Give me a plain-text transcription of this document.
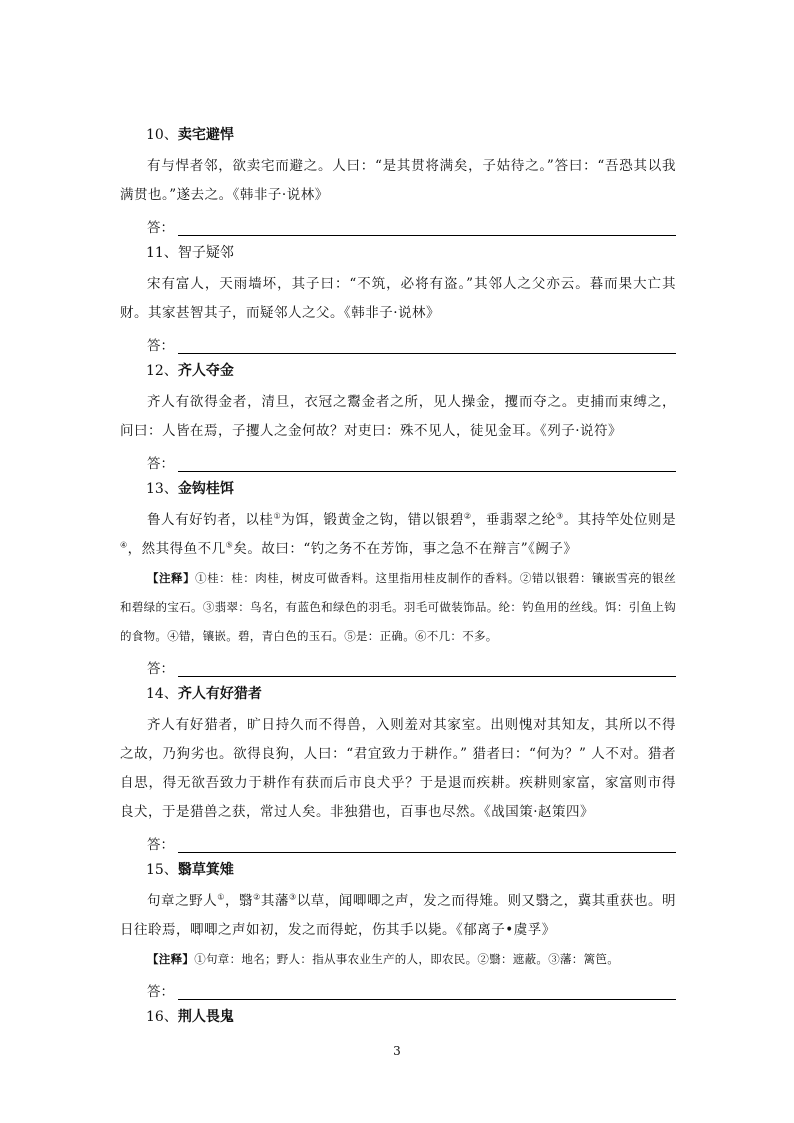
10、卖宅避悍

有与悍者邻，欲卖宅而避之。人曰：“是其贯将满矣，子姑待之。”答曰：“吾恐其以我满贯也。”遂去之。《韩非子·说林》

答：
11、智子疑邻

宋有富人，天雨墙坏，其子曰：“不筑，必将有盗。”其邻人之父亦云。暮而果大亡其财。其家甚智其子，而疑邻人之父。《韩非子·说林》

答：
12、齐人夺金

齐人有欲得金者，清旦，衣冠之鬻金者之所，见人操金，攫而夺之。吏捕而束缚之，问曰：人皆在焉，子攫人之金何故？对吏曰：殊不见人，徒见金耳。《列子·说符》

答：
13、金钩桂饵

鲁人有好钓者，以桂①为饵，锻黄金之钩，错以银碧②，垂翡翠之纶③。其持竿处位则是④，然其得鱼不几⑤矣。故曰：“钓之务不在芳饰，事之急不在辩言”《阙子》

【注释】①桂：桂：肉桂，树皮可做香料。这里指用桂皮制作的香料。②错以银碧：镶嵌雪亮的银丝和碧绿的宝石。③翡翠：鸟名，有蓝色和绿色的羽毛。羽毛可做装饰品。纶：钓鱼用的丝线。饵：引鱼上钩的食物。④错，镶嵌。碧，青白色的玉石。⑤是：正确。⑥不几：不多。

答：
14、齐人有好猎者

齐人有好猎者，旷日持久而不得兽，入则羞对其家室。出则愧对其知友，其所以不得之故，乃狗劣也。欲得良狗，人曰：“君宜致力于耕作。” 猎者曰：“何为？” 人不对。猎者自思，得无欲吾致力于耕作有获而后市良犬乎？于是退而疾耕。疾耕则家富，家富则市得良犬，于是猎兽之获，常过人矣。非独猎也，百事也尽然。《战国策·赵策四》

答：
15、翳草箕雉

句章之野人①，翳②其藩③以草，闻唧唧之声，发之而得雉。则又翳之，冀其重获也。明日往聆焉，唧唧之声如初，发之而得蛇，伤其手以毙。《郁离子•虞孚》

【注释】①句章：地名；野人：指从事农业生产的人，即农民。②翳：遮蔽。③藩：篱笆。

答：
16、荆人畏鬼
3
